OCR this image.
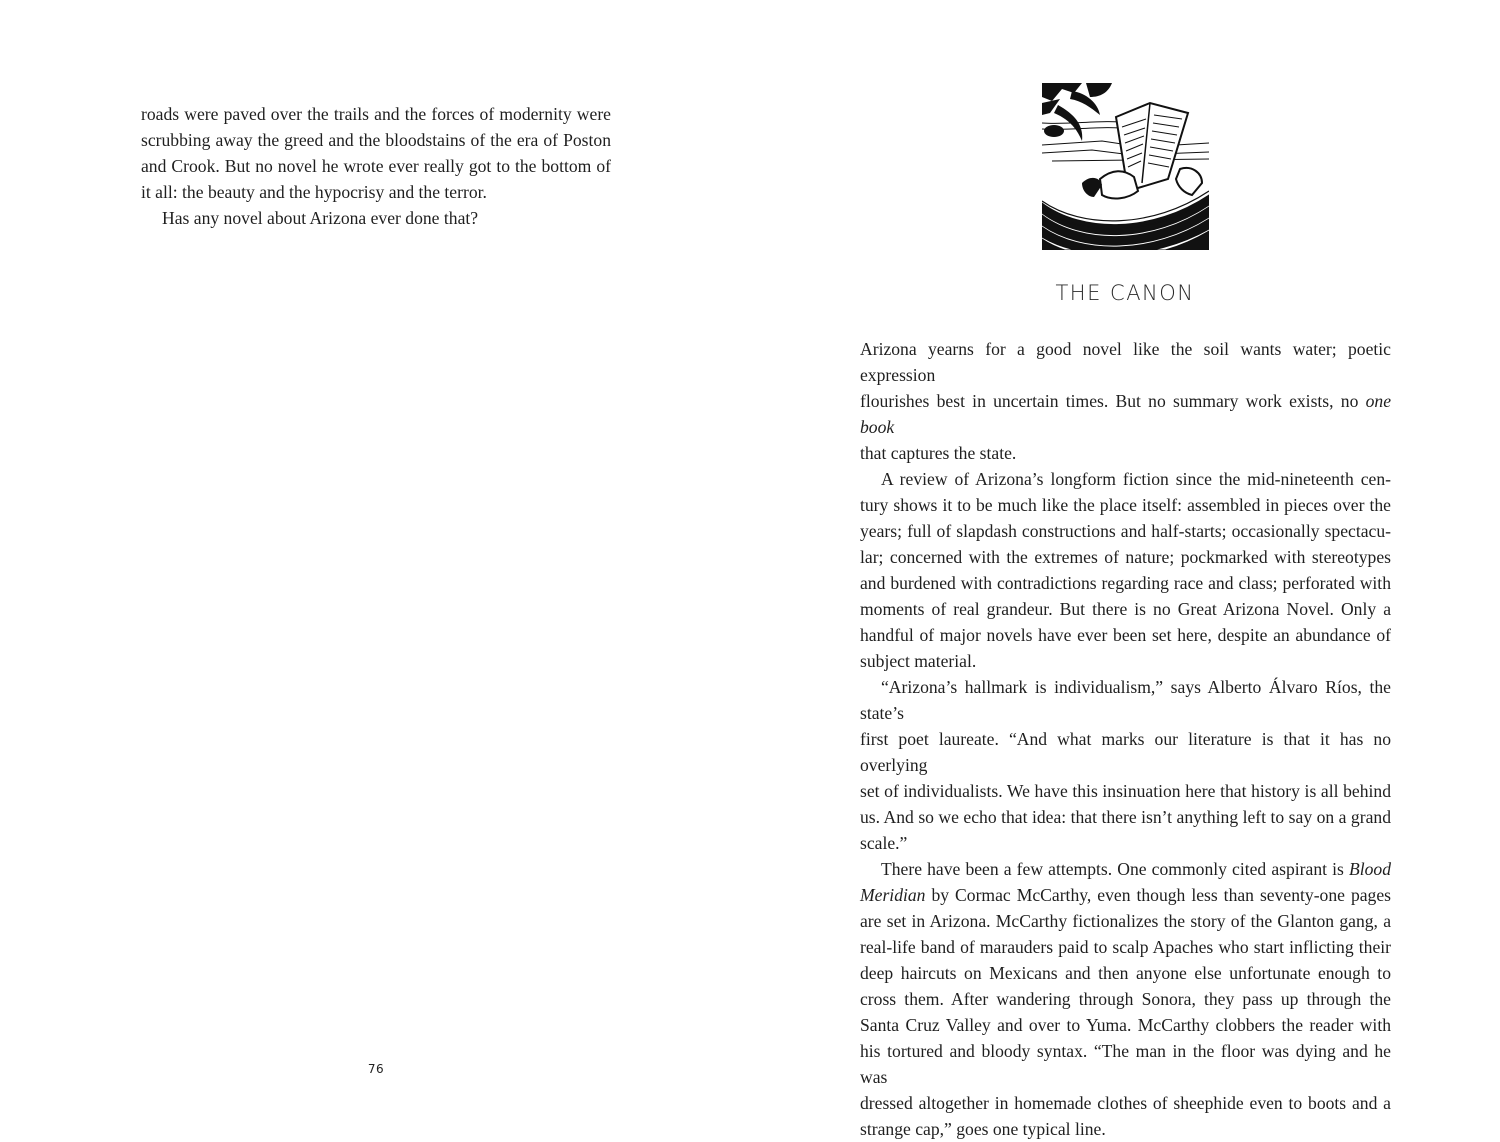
roads were paved over the trails and the forces of modernity were
scrubbing away the greed and the bloodstains of the era of Poston
and Crook. But no novel he wrote ever really got to the bottom of
it all: the beauty and the hypocrisy and the terror.

Has any novel about Arizona ever done that?

76
THE CANON

Arizona yearns for a good novel like the soil wants water; poetic expression
flourishes best in uncertain times. But no summary work exists, no one book
that captures the state.

A review of Arizona’s longform fiction since the mid-nineteenth cen-
tury shows it to be much like the place itself: assembled in pieces over the
years; full of slapdash constructions and half-starts; occasionally spectacu-
lar; concerned with the extremes of nature; pockmarked with stereotypes
and burdened with contradictions regarding race and class; perforated with
moments of real grandeur. But there is no Great Arizona Novel. Only a
handful of major novels have ever been set here, despite an abundance of
subject material.

“Arizona’s hallmark is individualism,” says Alberto Álvaro Ríos, the state’s
first poet laureate. “And what marks our literature is that it has no overlying
set of individualists. We have this insinuation here that history is all behind
us. And so we echo that idea: that there isn’t anything left to say on a grand
scale.”

There have been a few attempts. One commonly cited aspirant is Blood
Meridian by Cormac McCarthy, even though less than seventy-one pages
are set in Arizona. McCarthy fictionalizes the story of the Glanton gang, a
real-life band of marauders paid to scalp Apaches who start inflicting their
deep haircuts on Mexicans and then anyone else unfortunate enough to
cross them. After wandering through Sonora, they pass up through the
Santa Cruz Valley and over to Yuma. McCarthy clobbers the reader with
his tortured and bloody syntax. “The man in the floor was dying and he was
dressed altogether in homemade clothes of sheephide even to boots and a
strange cap,” goes one typical line.
